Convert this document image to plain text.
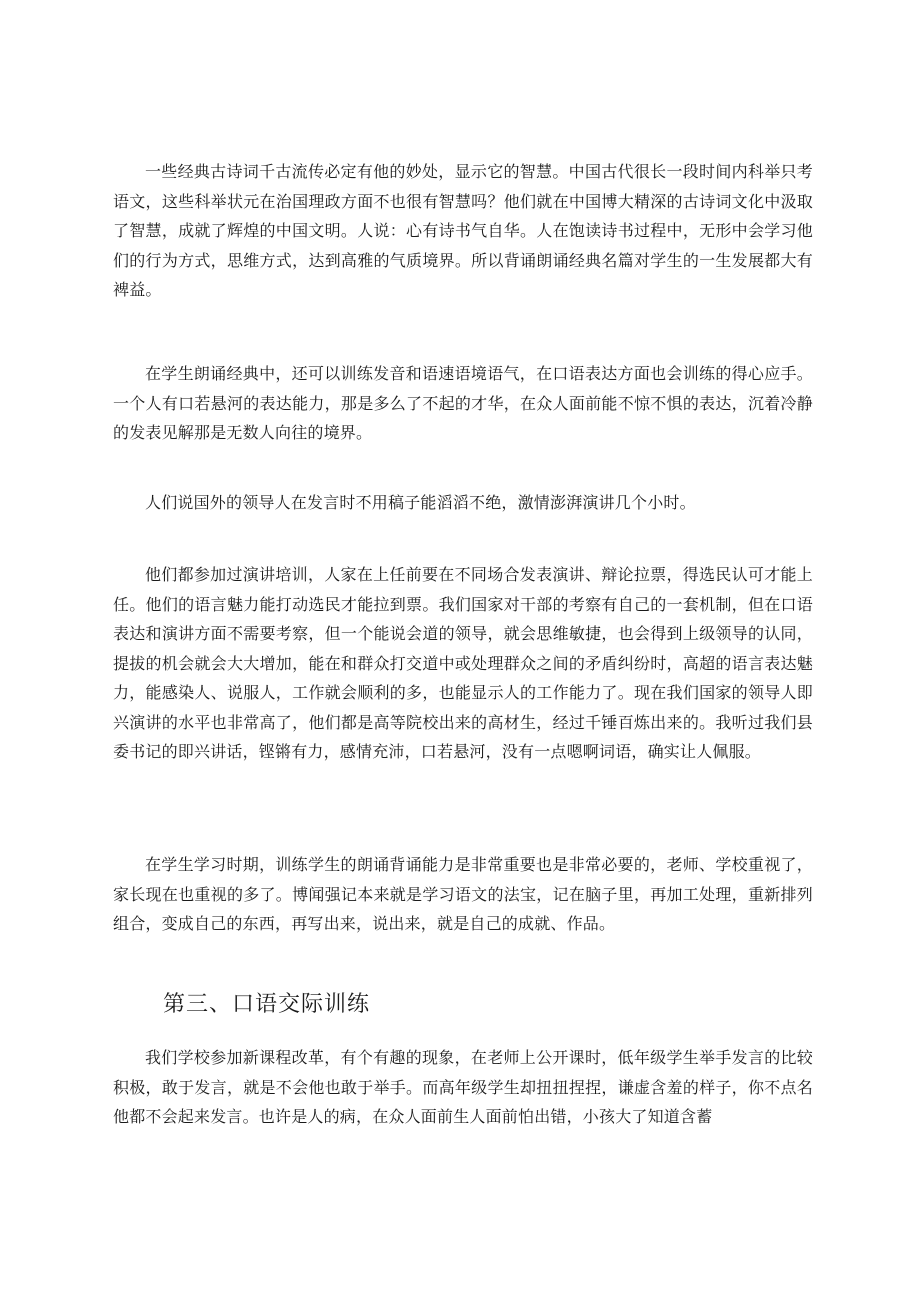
一些经典古诗词千古流传必定有他的妙处，显示它的智慧。中国古代很长一段时间内科举只考语文，这些科举状元在治国理政方面不也很有智慧吗？他们就在中国博大精深的古诗词文化中汲取了智慧，成就了辉煌的中国文明。人说：心有诗书气自华。人在饱读诗书过程中，无形中会学习他们的行为方式，思维方式，达到高雅的气质境界。所以背诵朗诵经典名篇对学生的一生发展都大有裨益。

在学生朗诵经典中，还可以训练发音和语速语境语气，在口语表达方面也会训练的得心应手。一个人有口若悬河的表达能力，那是多么了不起的才华，在众人面前能不惊不惧的表达，沉着冷静的发表见解那是无数人向往的境界。

人们说国外的领导人在发言时不用稿子能滔滔不绝，激情澎湃演讲几个小时。

他们都参加过演讲培训，人家在上任前要在不同场合发表演讲、辩论拉票，得选民认可才能上任。他们的语言魅力能打动选民才能拉到票。我们国家对干部的考察有自己的一套机制，但在口语表达和演讲方面不需要考察，但一个能说会道的领导，就会思维敏捷，也会得到上级领导的认同，提拔的机会就会大大增加，能在和群众打交道中或处理群众之间的矛盾纠纷时，高超的语言表达魅力，能感染人、说服人，工作就会顺利的多，也能显示人的工作能力了。现在我们国家的领导人即兴演讲的水平也非常高了，他们都是高等院校出来的高材生，经过千锤百炼出来的。我听过我们县委书记的即兴讲话，铿锵有力，感情充沛，口若悬河，没有一点嗯啊词语，确实让人佩服。

在学生学习时期，训练学生的朗诵背诵能力是非常重要也是非常必要的，老师、学校重视了，家长现在也重视的多了。博闻强记本来就是学习语文的法宝，记在脑子里，再加工处理，重新排列组合，变成自己的东西，再写出来，说出来，就是自己的成就、作品。

第三、口语交际训练

我们学校参加新课程改革，有个有趣的现象，在老师上公开课时，低年级学生举手发言的比较积极，敢于发言，就是不会他也敢于举手。而高年级学生却扭扭捏捏，谦虚含羞的样子，你不点名他都不会起来发言。也许是人的病，在众人面前生人面前怕出错，小孩大了知道含蓄
